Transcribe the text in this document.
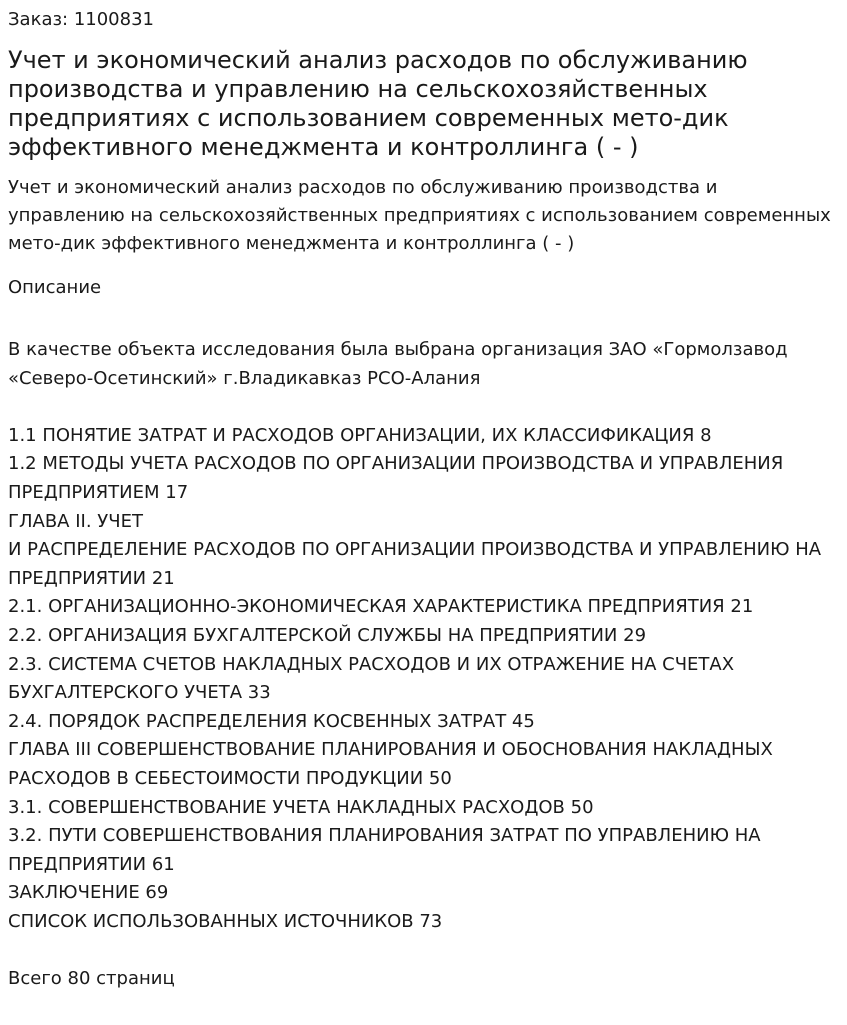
Заказ: 1100831
Учет и экономический анализ расходов по обслуживанию производства и управлению на сельскохозяйственных предприятиях с использованием современных мето-дик эффективного менеджмента и контроллинга ( - )
Учет и экономический анализ расходов по обслуживанию производства и управлению на сельскохозяйственных предприятиях с использованием современных мето-дик эффективного менеджмента и контроллинга ( - )
Описание

В качестве объекта исследования была выбрана организация ЗАО «Гормолзавод «Северо-Осетинский» г.Владикавказ РСО-Алания

1.1 ПОНЯТИЕ ЗАТРАТ И РАСХОДОВ ОРГАНИЗАЦИИ, ИХ КЛАССИФИКАЦИЯ 8
1.2 МЕТОДЫ УЧЕТА РАСХОДОВ ПО ОРГАНИЗАЦИИ ПРОИЗВОДСТВА И УПРАВЛЕНИЯ ПРЕДПРИЯТИЕМ 17
ГЛАВА II. УЧЕТ
И РАСПРЕДЕЛЕНИЕ РАСХОДОВ ПО ОРГАНИЗАЦИИ ПРОИЗВОДСТВА И УПРАВЛЕНИЮ НА ПРЕДПРИЯТИИ 21
2.1. ОРГАНИЗАЦИОННО-ЭКОНОМИЧЕСКАЯ ХАРАКТЕРИСТИКА ПРЕДПРИЯТИЯ 21
2.2. ОРГАНИЗАЦИЯ БУХГАЛТЕРСКОЙ СЛУЖБЫ НА ПРЕДПРИЯТИИ 29
2.3. СИСТЕМА СЧЕТОВ НАКЛАДНЫХ РАСХОДОВ И ИХ ОТРАЖЕНИЕ НА СЧЕТАХ БУХГАЛТЕРСКОГО УЧЕТА 33
2.4. ПОРЯДОК РАСПРЕДЕЛЕНИЯ КОСВЕННЫХ ЗАТРАТ 45
ГЛАВА III СОВЕРШЕНСТВОВАНИЕ ПЛАНИРОВАНИЯ И ОБОСНОВАНИЯ НАКЛАДНЫХ РАСХОДОВ В СЕБЕСТОИМОСТИ ПРОДУКЦИИ 50
3.1. СОВЕРШЕНСТВОВАНИЕ УЧЕТА НАКЛАДНЫХ РАСХОДОВ 50
3.2. ПУТИ СОВЕРШЕНСТВОВАНИЯ ПЛАНИРОВАНИЯ ЗАТРАТ ПО УПРАВЛЕНИЮ НА ПРЕДПРИЯТИИ 61
ЗАКЛЮЧЕНИЕ 69
СПИСОК ИСПОЛЬЗОВАННЫХ ИСТОЧНИКОВ 73

Всего 80 страниц
